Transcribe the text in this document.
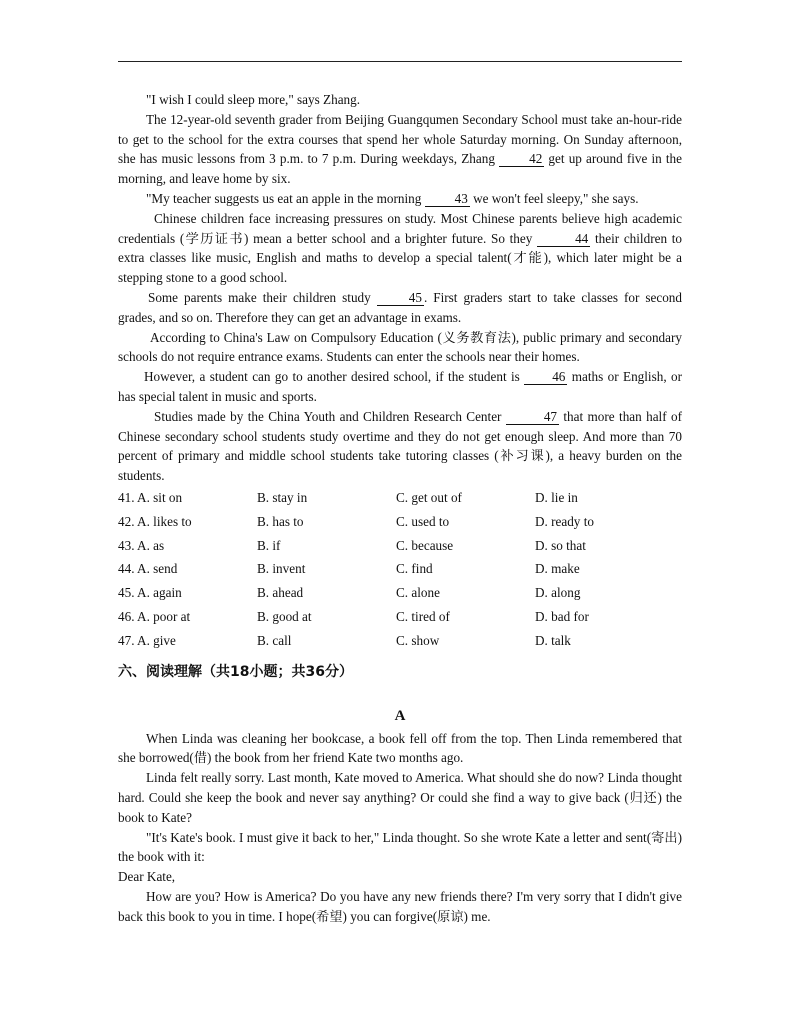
"I wish I could sleep more," says Zhang.

The 12-year-old seventh grader from Beijing Guangqumen Secondary School must take an-hour-ride to get to the school for the extra courses that spend her whole Saturday morning. On Sunday afternoon, she has music lessons from 3 p.m. to 7 p.m. During weekdays, Zhang 42 get up around five in the morning, and leave home by six.

"My teacher suggests us eat an apple in the morning 43 we won't feel sleepy," she says.

Chinese children face increasing pressures on study. Most Chinese parents believe high academic credentials (学历证书) mean a better school and a brighter future. So they	44 their children to extra classes like music, English and maths to develop a special talent(才能), which later might be a stepping stone to a good school.

Some parents make their children study 45 . First graders start to take classes for second grades, and so on. Therefore they can get an advantage in exams.

According to China's Law on Compulsory Education (义务教育法), public primary and secondary schools do not require entrance exams. Students can enter the schools near their homes.

However, a student can go to another desired school, if the student is 46 maths or English, or has special talent in music and sports.

Studies made by the China Youth and Children Research Center	47 that more than half of Chinese secondary school students study overtime and they do not get enough sleep. And more than 70 percent of primary and middle school students take tutoring classes (补习课), a heavy burden on the students.

41. A. sit on	B. stay in	C. get out of	D. lie in
42. A. likes to	B. has to	C. used to	D. ready to
43. A. as	B. if	C. because	D. so that
44. A. send	B. invent	C. find	D. make
45. A. again	B. ahead	C. alone	D. along
46. A. poor at	B. good at	C. tired of	D. bad for
47. A. give	B. call	C. show	D. talk
六、阅读理解（共18小题；共36分）
A

When Linda was cleaning her bookcase, a book fell off from the top. Then Linda remembered that she borrowed(借) the book from her friend Kate two months ago.

Linda felt really sorry. Last month, Kate moved to America. What should she do now? Linda thought hard. Could she keep the book and never say anything? Or could she find a way to give back (归还) the book to Kate?

"It's Kate's book. I must give it back to her," Linda thought. So she wrote Kate a letter and sent(寄出) the book with it:

Dear Kate,

How are you? How is America? Do you have any new friends there? I'm very sorry that I didn't give back this book to you in time. I hope(希望) you can forgive(原谅) me.
